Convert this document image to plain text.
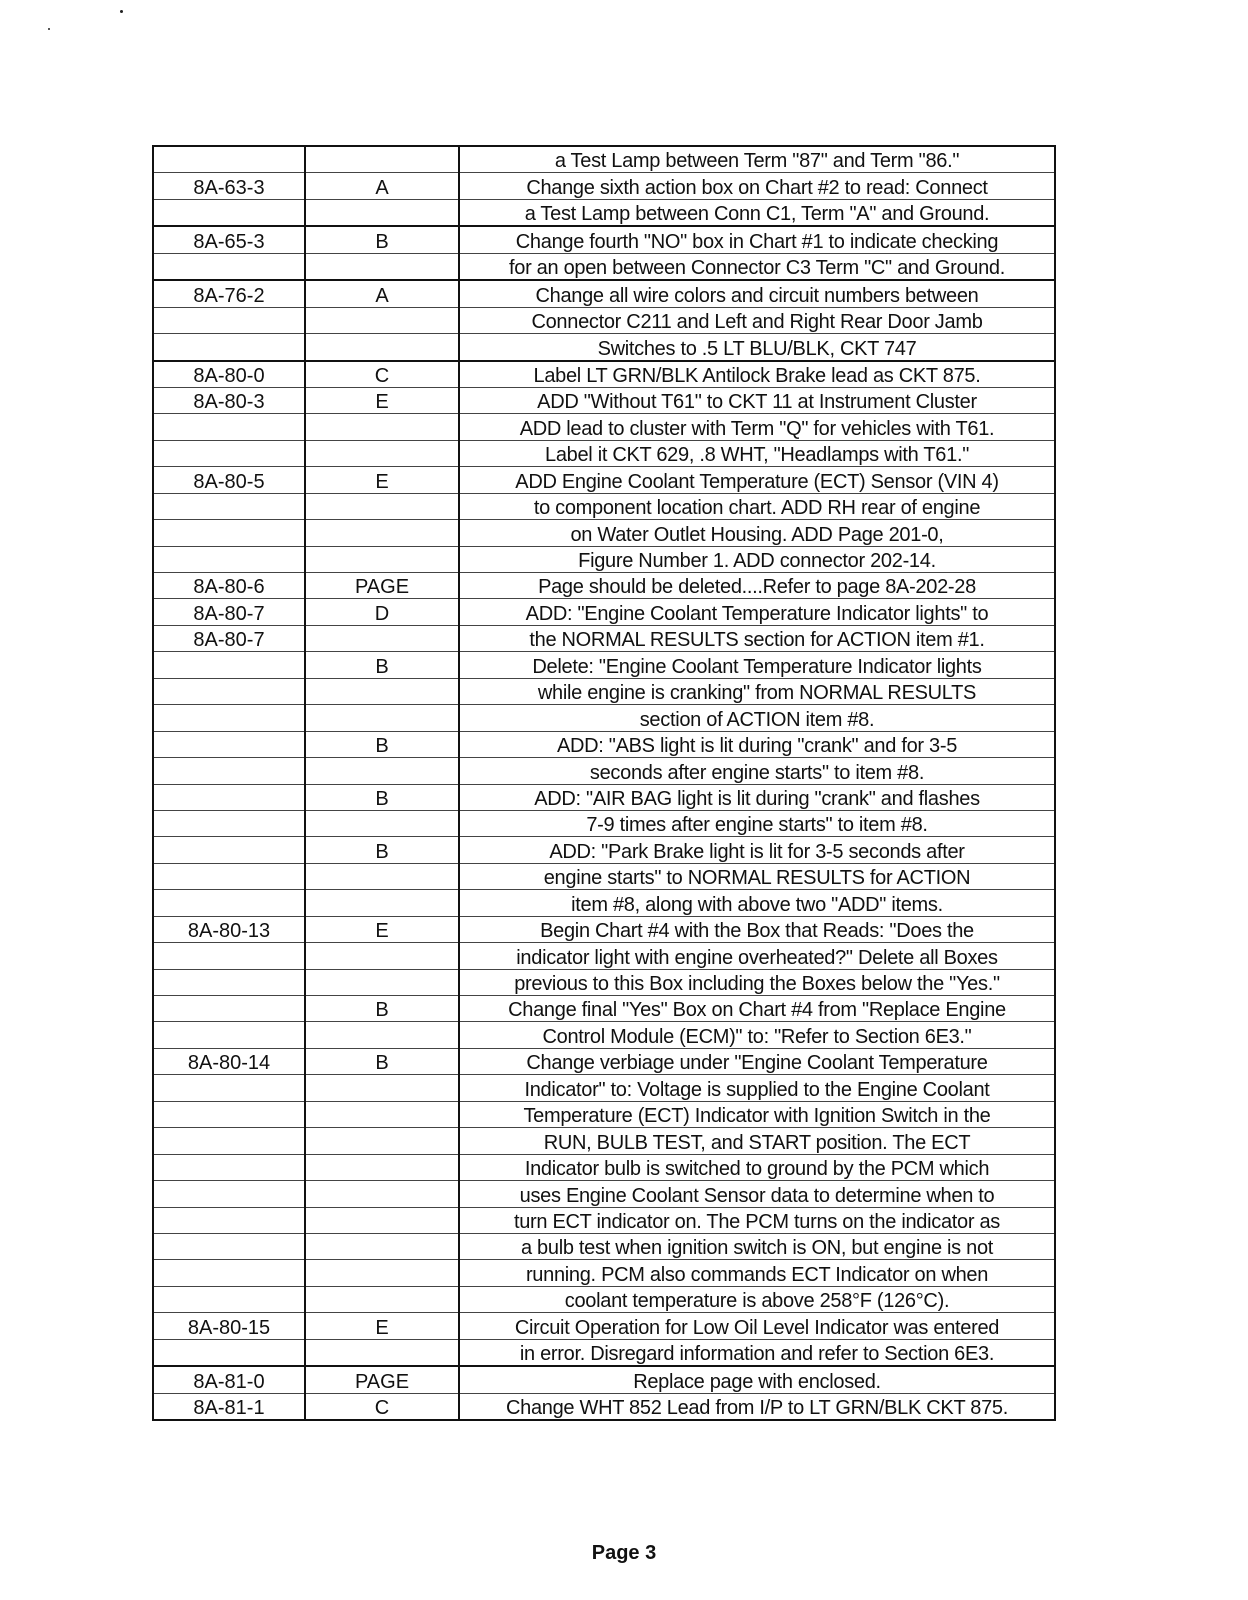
		a Test Lamp between Term "87" and Term "86."
8A-63-3	A	Change sixth action box on Chart #2 to read: Connect
		a Test Lamp between Conn C1, Term "A" and Ground.
8A-65-3	B	Change fourth "NO" box in Chart #1 to indicate checking
		for an open between Connector C3 Term "C" and Ground.
8A-76-2	A	Change all wire colors and circuit numbers between
		Connector C211 and Left and Right Rear Door Jamb
		Switches to .5 LT BLU/BLK, CKT 747
8A-80-0	C	Label LT GRN/BLK Antilock Brake lead as CKT 875.
8A-80-3	E	ADD "Without T61" to CKT 11 at Instrument Cluster
		ADD lead to cluster with Term "Q" for vehicles with T61.
		Label it CKT 629, .8 WHT, "Headlamps with T61."
8A-80-5	E	ADD Engine Coolant Temperature (ECT) Sensor (VIN 4)
		to component location chart. ADD RH rear of engine
		on Water Outlet Housing. ADD Page 201-0,
		Figure Number 1. ADD connector 202-14.
8A-80-6	PAGE	Page should be deleted....Refer to page 8A-202-28
8A-80-7	D	ADD: "Engine Coolant Temperature Indicator lights" to
8A-80-7		the NORMAL RESULTS section for ACTION item #1.
	B	Delete: "Engine Coolant Temperature Indicator lights
		while engine is cranking" from NORMAL RESULTS
		section of ACTION item #8.
	B	ADD: "ABS light is lit during "crank" and for 3-5
		seconds after engine starts" to item #8.
	B	ADD: "AIR BAG light is lit during "crank" and flashes
		7-9 times after engine starts" to item #8.
	B	ADD: "Park Brake light is lit for 3-5 seconds after
		engine starts" to NORMAL RESULTS for ACTION
		item #8, along with above two "ADD" items.
8A-80-13	E	Begin Chart #4 with the Box that Reads: "Does the
		indicator light with engine overheated?" Delete all Boxes
		previous to this Box including the Boxes below the "Yes."
	B	Change final "Yes" Box on Chart #4 from "Replace Engine
		Control Module (ECM)" to: "Refer to Section 6E3."
8A-80-14	B	Change verbiage under "Engine Coolant Temperature
		Indicator" to: Voltage is supplied to the Engine Coolant
		Temperature (ECT) Indicator with Ignition Switch in the
		RUN, BULB TEST, and START position. The ECT
		Indicator bulb is switched to ground by the PCM which
		uses Engine Coolant Sensor data to determine when to
		turn ECT indicator on. The PCM turns on the indicator as
		a bulb test when ignition switch is ON, but engine is not
		running. PCM also commands ECT Indicator on when
		coolant temperature is above 258°F (126°C).
8A-80-15	E	Circuit Operation for Low Oil Level Indicator was entered
		in error. Disregard information and refer to Section 6E3.
8A-81-0	PAGE	Replace page with enclosed.
8A-81-1	C	Change WHT 852 Lead from I/P to LT GRN/BLK CKT 875.
Page 3
